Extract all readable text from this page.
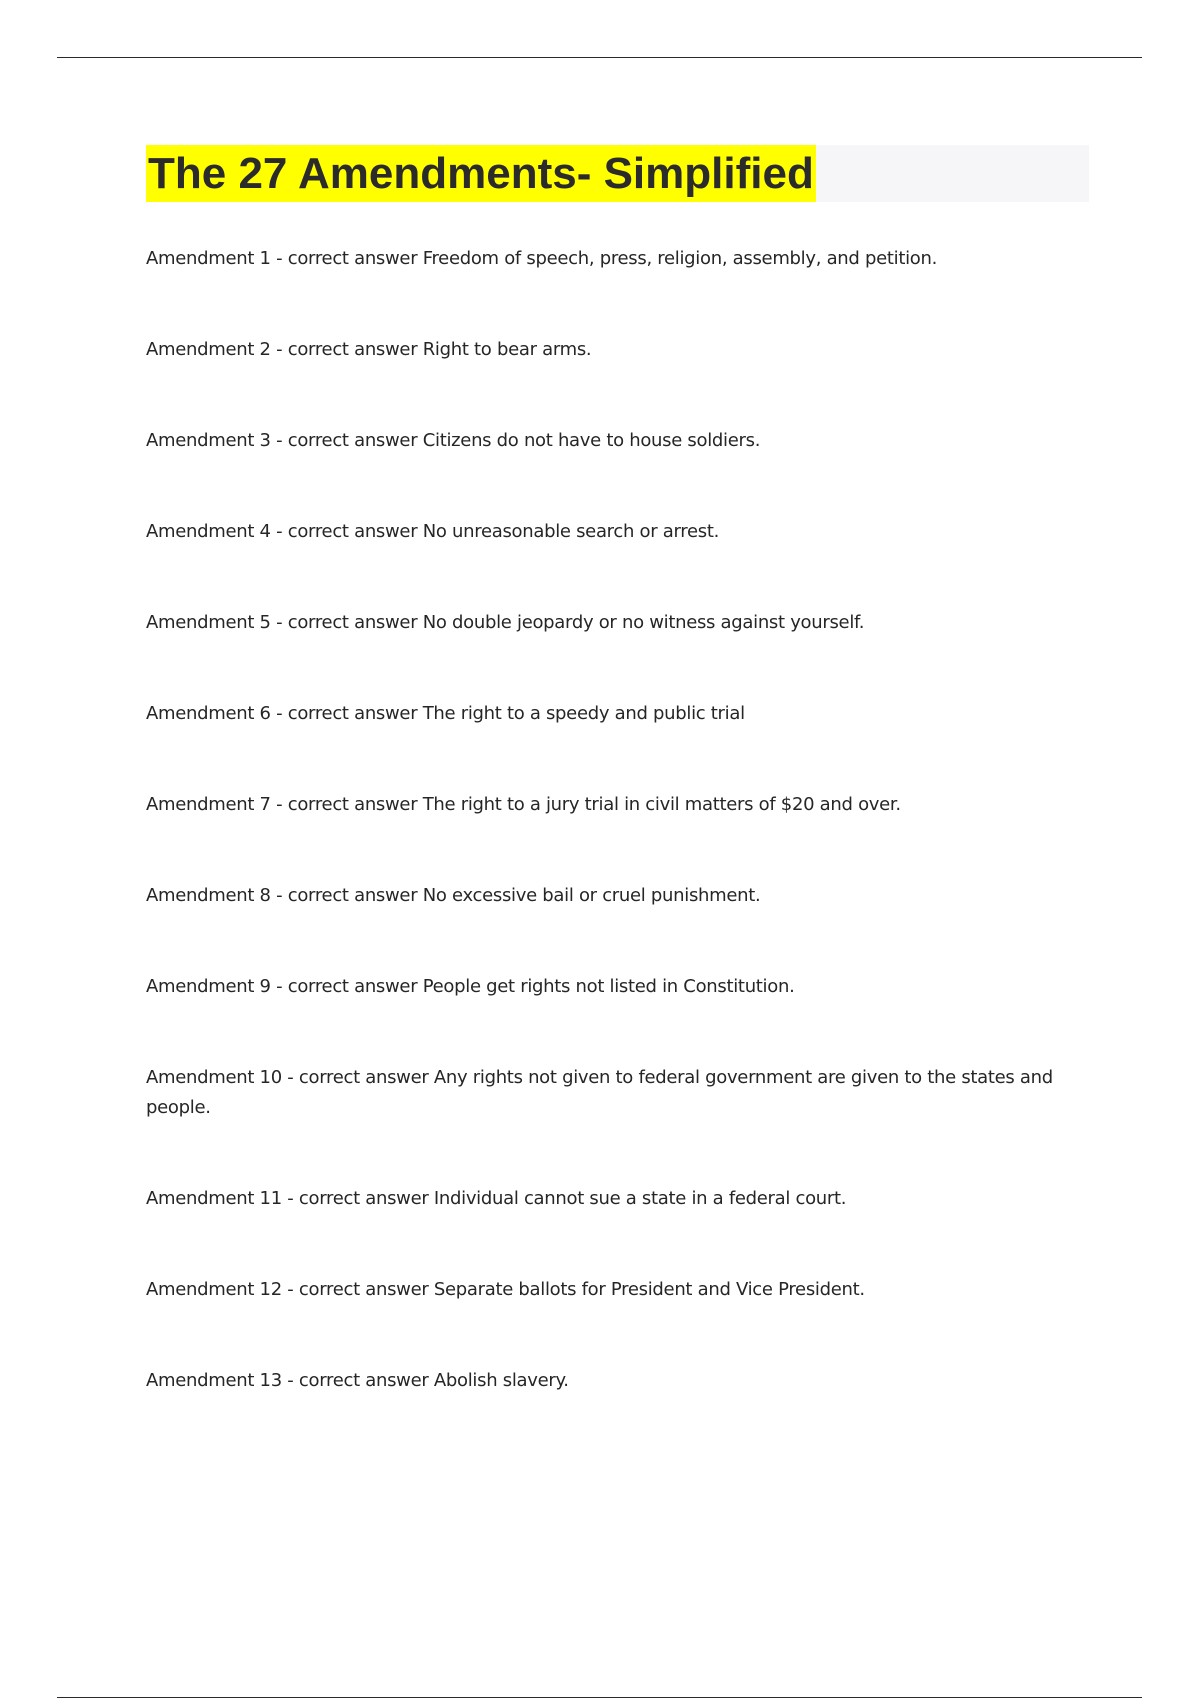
The 27 Amendments- Simplified
Amendment 1 - correct answer Freedom of speech, press, religion, assembly, and petition.
Amendment 2 - correct answer Right to bear arms.
Amendment 3 - correct answer Citizens do not have to house soldiers.
Amendment 4 - correct answer No unreasonable search or arrest.
Amendment 5 - correct answer No double jeopardy or no witness against yourself.
Amendment 6 - correct answer The right to a speedy and public trial
Amendment 7 - correct answer The right to a jury trial in civil matters of $20 and over.
Amendment 8 - correct answer No excessive bail or cruel punishment.
Amendment 9 - correct answer People get rights not listed in Constitution.
Amendment 10 - correct answer Any rights not given to federal government are given to the states and people.
Amendment 11 - correct answer Individual cannot sue a state in a federal court.
Amendment 12 - correct answer Separate ballots for President and Vice President.
Amendment 13 - correct answer Abolish slavery.
